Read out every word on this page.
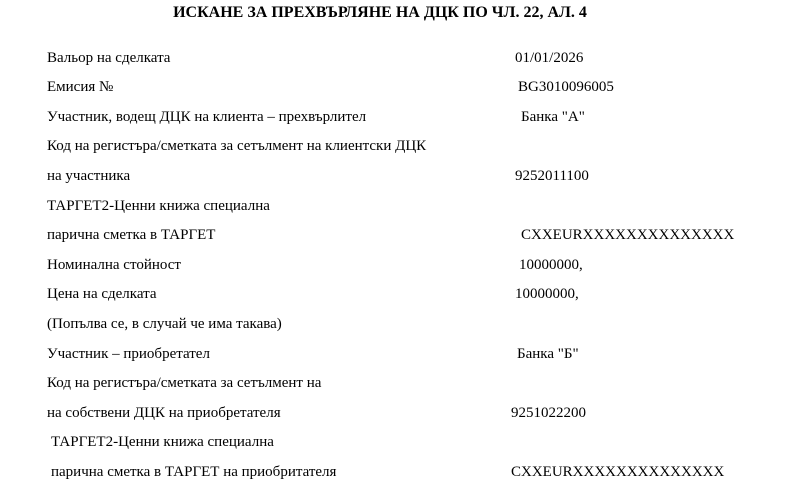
ИСКАНЕ ЗА ПРЕХВЪРЛЯНЕ НА ДЦК ПО ЧЛ. 22, АЛ. 4
Вальор на сделката	01/01/2026
Емисия №	BG3010096005
Участник, водещ ДЦК на клиента – прехвърлител	Банка "А"
Код на регистъра/сметката за сетълмент на клиентски ДЦК
на участника	9252011100
ТАРГЕТ2-Ценни книжа специална
парична сметка в ТАРГЕТ	CXXEURXXXXXXXXXXXXXX
Номинална стойност	10000000,
Цена на сделката	10000000,
(Попълва се, в случай че има такава)
Участник – приобретател	Банка "Б"
Код на регистъра/сметката за сетълмент на
на собствени ДЦК на приобретателя	9251022200
ТАРГЕТ2-Ценни книжа специална
парична сметка в ТАРГЕТ на приобритателя	CXXEURXXXXXXXXXXXXXX
